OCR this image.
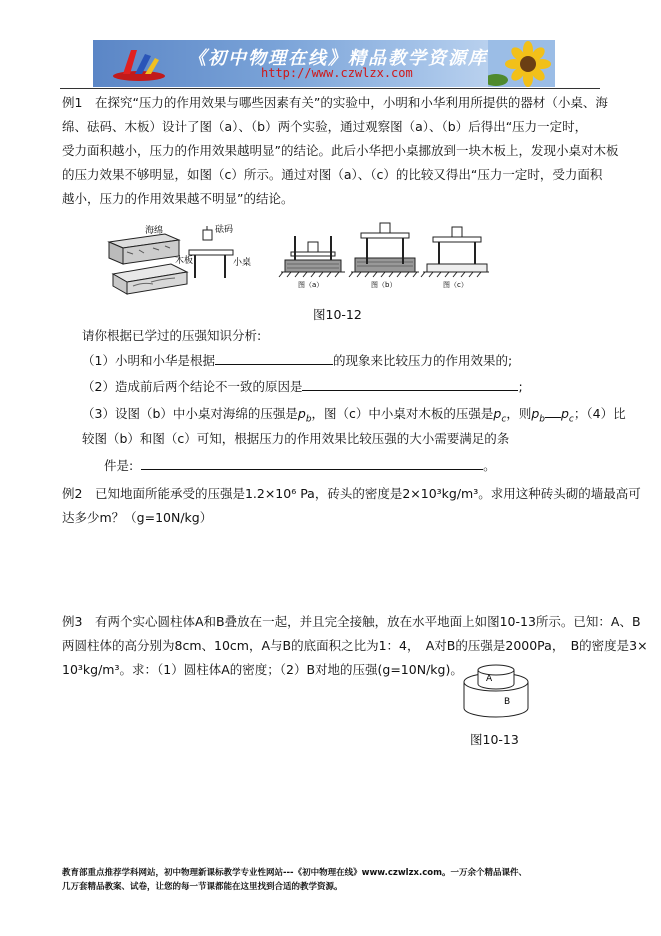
《初中物理在线》精品教学资源库
http://www.czwlzx.com
例1　在探究“压力的作用效果与哪些因素有关”的实验中，小明和小华利用所提供的器材（小桌、海
绵、砝码、木板）设计了图（a）、（b）两个实验，通过观察图（a）、（b）后得出“压力一定时，
受力面积越小，压力的作用效果越明显”的结论。此后小华把小桌挪放到一块木板上，发现小桌对木板
的压力效果不够明显，如图（c）所示。通过对图（a）、（c）的比较又得出“压力一定时，受力面积
越小，压力的作用效果越不明显”的结论。
海绵
木板
砝码
小桌
图（a）	图（b）	图（c）
图10-12
请你根据已学过的压强知识分析:
（1）小明和小华是根据	的现象来比较压力的作用效果的;
（2）造成前后两个结论不一致的原因是	;
（3）设图（b）中小桌对海绵的压强是$p_b$，图（c）中小桌对木板的压强是$p_c$，则$p_b$ $p_c$；（4）比
较图（b）和图（c）可知，根据压力的作用效果比较压强的大小需要满足的条
件是:	。
例2　已知地面所能承受的压强是1.2×10⁶ Pa，砖头的密度是2×10³kg/m³。求用这种砖头砌的墙最高可
达多少m？（g=10N/kg）
例3　有两个实心圆柱体A和B叠放在一起，并且完全接触，放在水平地面上如图10-13所示。已知：A、B
两圆柱体的高分别为8cm、10cm，A与B的底面积之比为1：4，　A对B的压强是2000Pa，　B的密度是3×
10³kg/m³。求：（1）圆柱体A的密度；（2）B对地的压强(g=10N/kg)。
A
B
图10-13
教育部重点推荐学科网站，初中物理新课标教学专业性网站---《初中物理在线》www.czwlzx.com。一万余个精品课件、
几万套精品教案、试卷，让您的每一节课都能在这里找到合适的教学资源。
